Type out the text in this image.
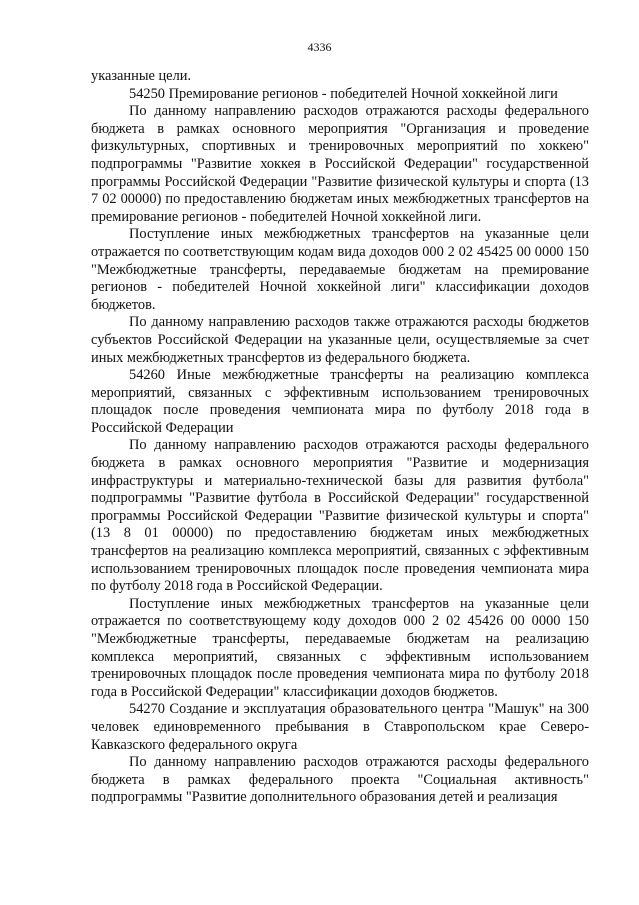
4336

указанные цели.

54250 Премирование регионов - победителей Ночной хоккейной лиги

По данному направлению расходов отражаются расходы федерального бюджета в рамках основного мероприятия "Организация и проведение физкультурных, спортивных и тренировочных мероприятий по хоккею" подпрограммы "Развитие хоккея в Российской Федерации" государственной программы Российской Федерации "Развитие физической культуры и спорта (13 7 02 00000) по предоставлению бюджетам иных межбюджетных трансфертов на премирование регионов - победителей Ночной хоккейной лиги.

Поступление иных межбюджетных трансфертов на указанные цели отражается по соответствующим кодам вида доходов 000 2 02 45425 00 0000 150 "Межбюджетные трансферты, передаваемые бюджетам на премирование регионов - победителей Ночной хоккейной лиги" классификации доходов бюджетов.

По данному направлению расходов также отражаются расходы бюджетов субъектов Российской Федерации на указанные цели, осуществляемые за счет иных межбюджетных трансфертов из федерального бюджета.

54260 Иные межбюджетные трансферты на реализацию комплекса мероприятий, связанных с эффективным использованием тренировочных площадок после проведения чемпионата мира по футболу 2018 года в Российской Федерации

По данному направлению расходов отражаются расходы федерального бюджета в рамках основного мероприятия "Развитие и модернизация инфраструктуры и материально-технической базы для развития футбола" подпрограммы "Развитие футбола в Российской Федерации" государственной программы Российской Федерации "Развитие физической культуры и спорта" (13 8 01 00000) по предоставлению бюджетам иных межбюджетных трансфертов на реализацию комплекса мероприятий, связанных с эффективным использованием тренировочных площадок после проведения чемпионата мира по футболу 2018 года в Российской Федерации.

Поступление иных межбюджетных трансфертов на указанные цели отражается по соответствующему коду доходов 000 2 02 45426 00 0000 150 "Межбюджетные трансферты, передаваемые бюджетам на реализацию комплекса мероприятий, связанных с эффективным использованием тренировочных площадок после проведения чемпионата мира по футболу 2018 года в Российской Федерации" классификации доходов бюджетов.

54270 Создание и эксплуатация образовательного центра "Машук" на 300 человек единовременного пребывания в Ставропольском крае Северо-Кавказского федерального округа

По данному направлению расходов отражаются расходы федерального бюджета в рамках федерального проекта "Социальная активность" подпрограммы "Развитие дополнительного образования детей и реализация
